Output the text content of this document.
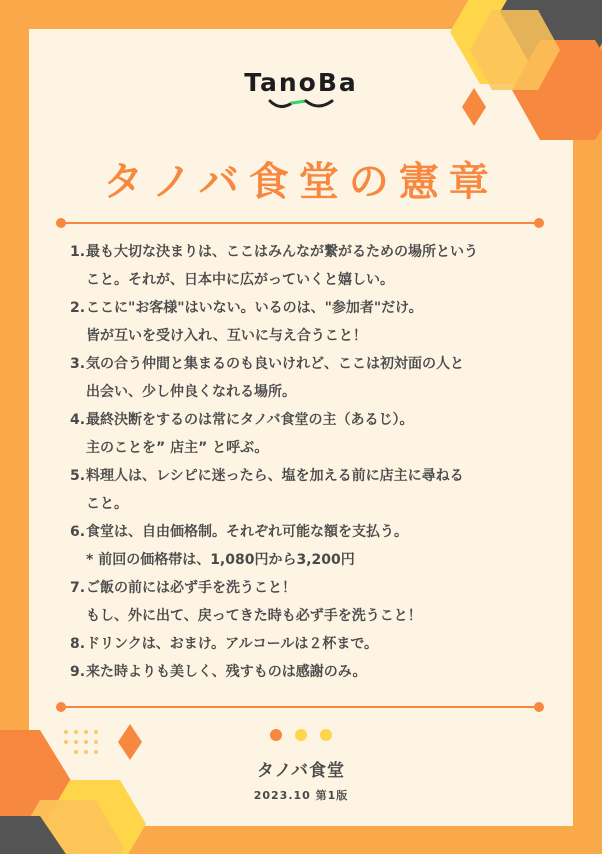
TanoBa
タノバ食堂の憲章
1. 最も大切な決まりは、ここはみんなが繋がるための場所という
こと。それが、日本中に広がっていくと嬉しい。
2. ここに"お客様"はいない。いるのは、"参加者"だけ。
皆が互いを受け入れ、互いに与え合うこと！
3. 気の合う仲間と集まるのも良いけれど、ここは初対面の人と
出会い、少し仲良くなれる場所。
4. 最終決断をするのは常にタノバ食堂の主（あるじ）。
主のことを” 店主” と呼ぶ。
5. 料理人は、レシピに迷ったら、塩を加える前に店主に尋ねる
こと。
6. 食堂は、自由価格制。それぞれ可能な額を支払う。
* 前回の価格帯は、1,080円から3,200円
7. ご飯の前には必ず手を洗うこと！
もし、外に出て、戻ってきた時も必ず手を洗うこと！
8. ドリンクは、おまけ。アルコールは２杯まで。
9. 来た時よりも美しく、残すものは感謝のみ。

タノバ食堂
2023.10 第1版
